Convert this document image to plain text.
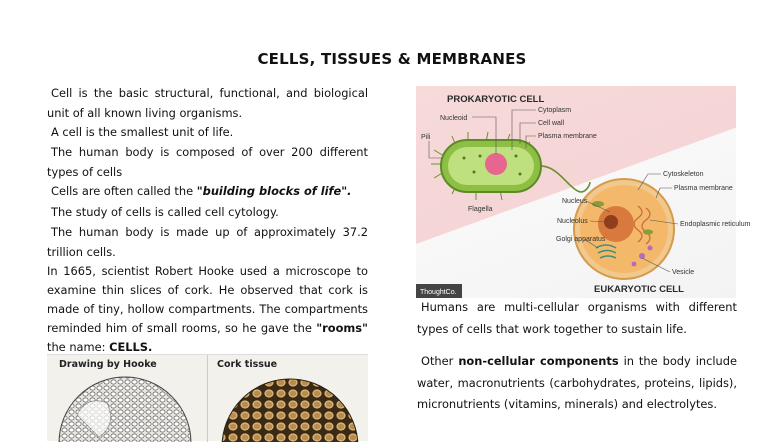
CELLS, TISSUES & MEMBRANES

Cell is the basic structural, functional, and biological unit of all known living organisms.

A cell is the smallest unit of life.

The human body is composed of over 200 different types of cells

Cells are often called the "building blocks of life".

The study of cells is called cell cytology.

The human body is made up of approximately 37.2 trillion cells.

In 1665, scientist Robert Hooke used a microscope to examine thin slices of cork. He observed that cork is made of tiny, hollow compartments. The compartments reminded him of small rooms, so he gave the "rooms" the name: CELLS.

Drawing by Hooke	Cork tissue
PROKARYOTIC CELL
Nucleoid
Cytoplasm
Cell wall
Plasma membrane
Pili
Flagella
Cytoskeleton
Plasma membrane
Nucleus
Nucleolus
Golgi apparatus
Endoplasmic reticulum
Vesicle
EUKARYOTIC CELL
ThoughtCo.

Humans are multi-cellular organisms with different types of cells that work together to sustain life.

Other non-cellular components in the body include water, macronutrients (carbohydrates, proteins, lipids), micronutrients (vitamins, minerals) and electrolytes.
